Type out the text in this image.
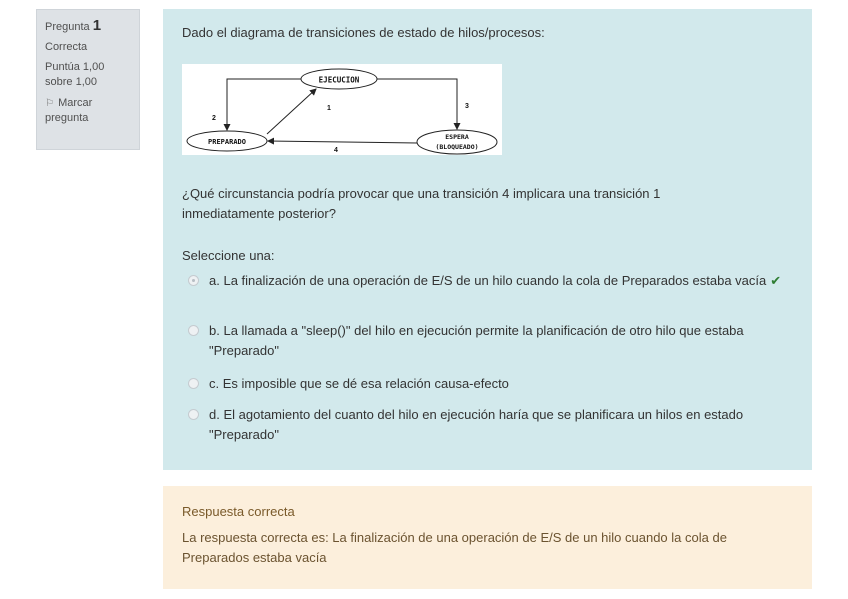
Pregunta 1
Correcta
Puntúa 1,00 sobre 1,00
⚐ Marcar pregunta
Dado el diagrama de transiciones de estado de hilos/procesos:
EJECUCION
PREPARADO
ESPERA
(BLOQUEADO)
2
1	3
4
¿Qué circunstancia podría provocar que una transición 4 implicara una transición 1 inmediatamente posterior?
Seleccione una:
a. La finalización de una operación de E/S de un hilo cuando la cola de Preparados estaba vacía ✔
b. La llamada a "sleep()" del hilo en ejecución permite la planificación de otro hilo que estaba "Preparado"
c. Es imposible que se dé esa relación causa-efecto
d. El agotamiento del cuanto del hilo en ejecución haría que se planificara un hilos en estado "Preparado"
Respuesta correcta
La respuesta correcta es: La finalización de una operación de E/S de un hilo cuando la cola de Preparados estaba vacía
